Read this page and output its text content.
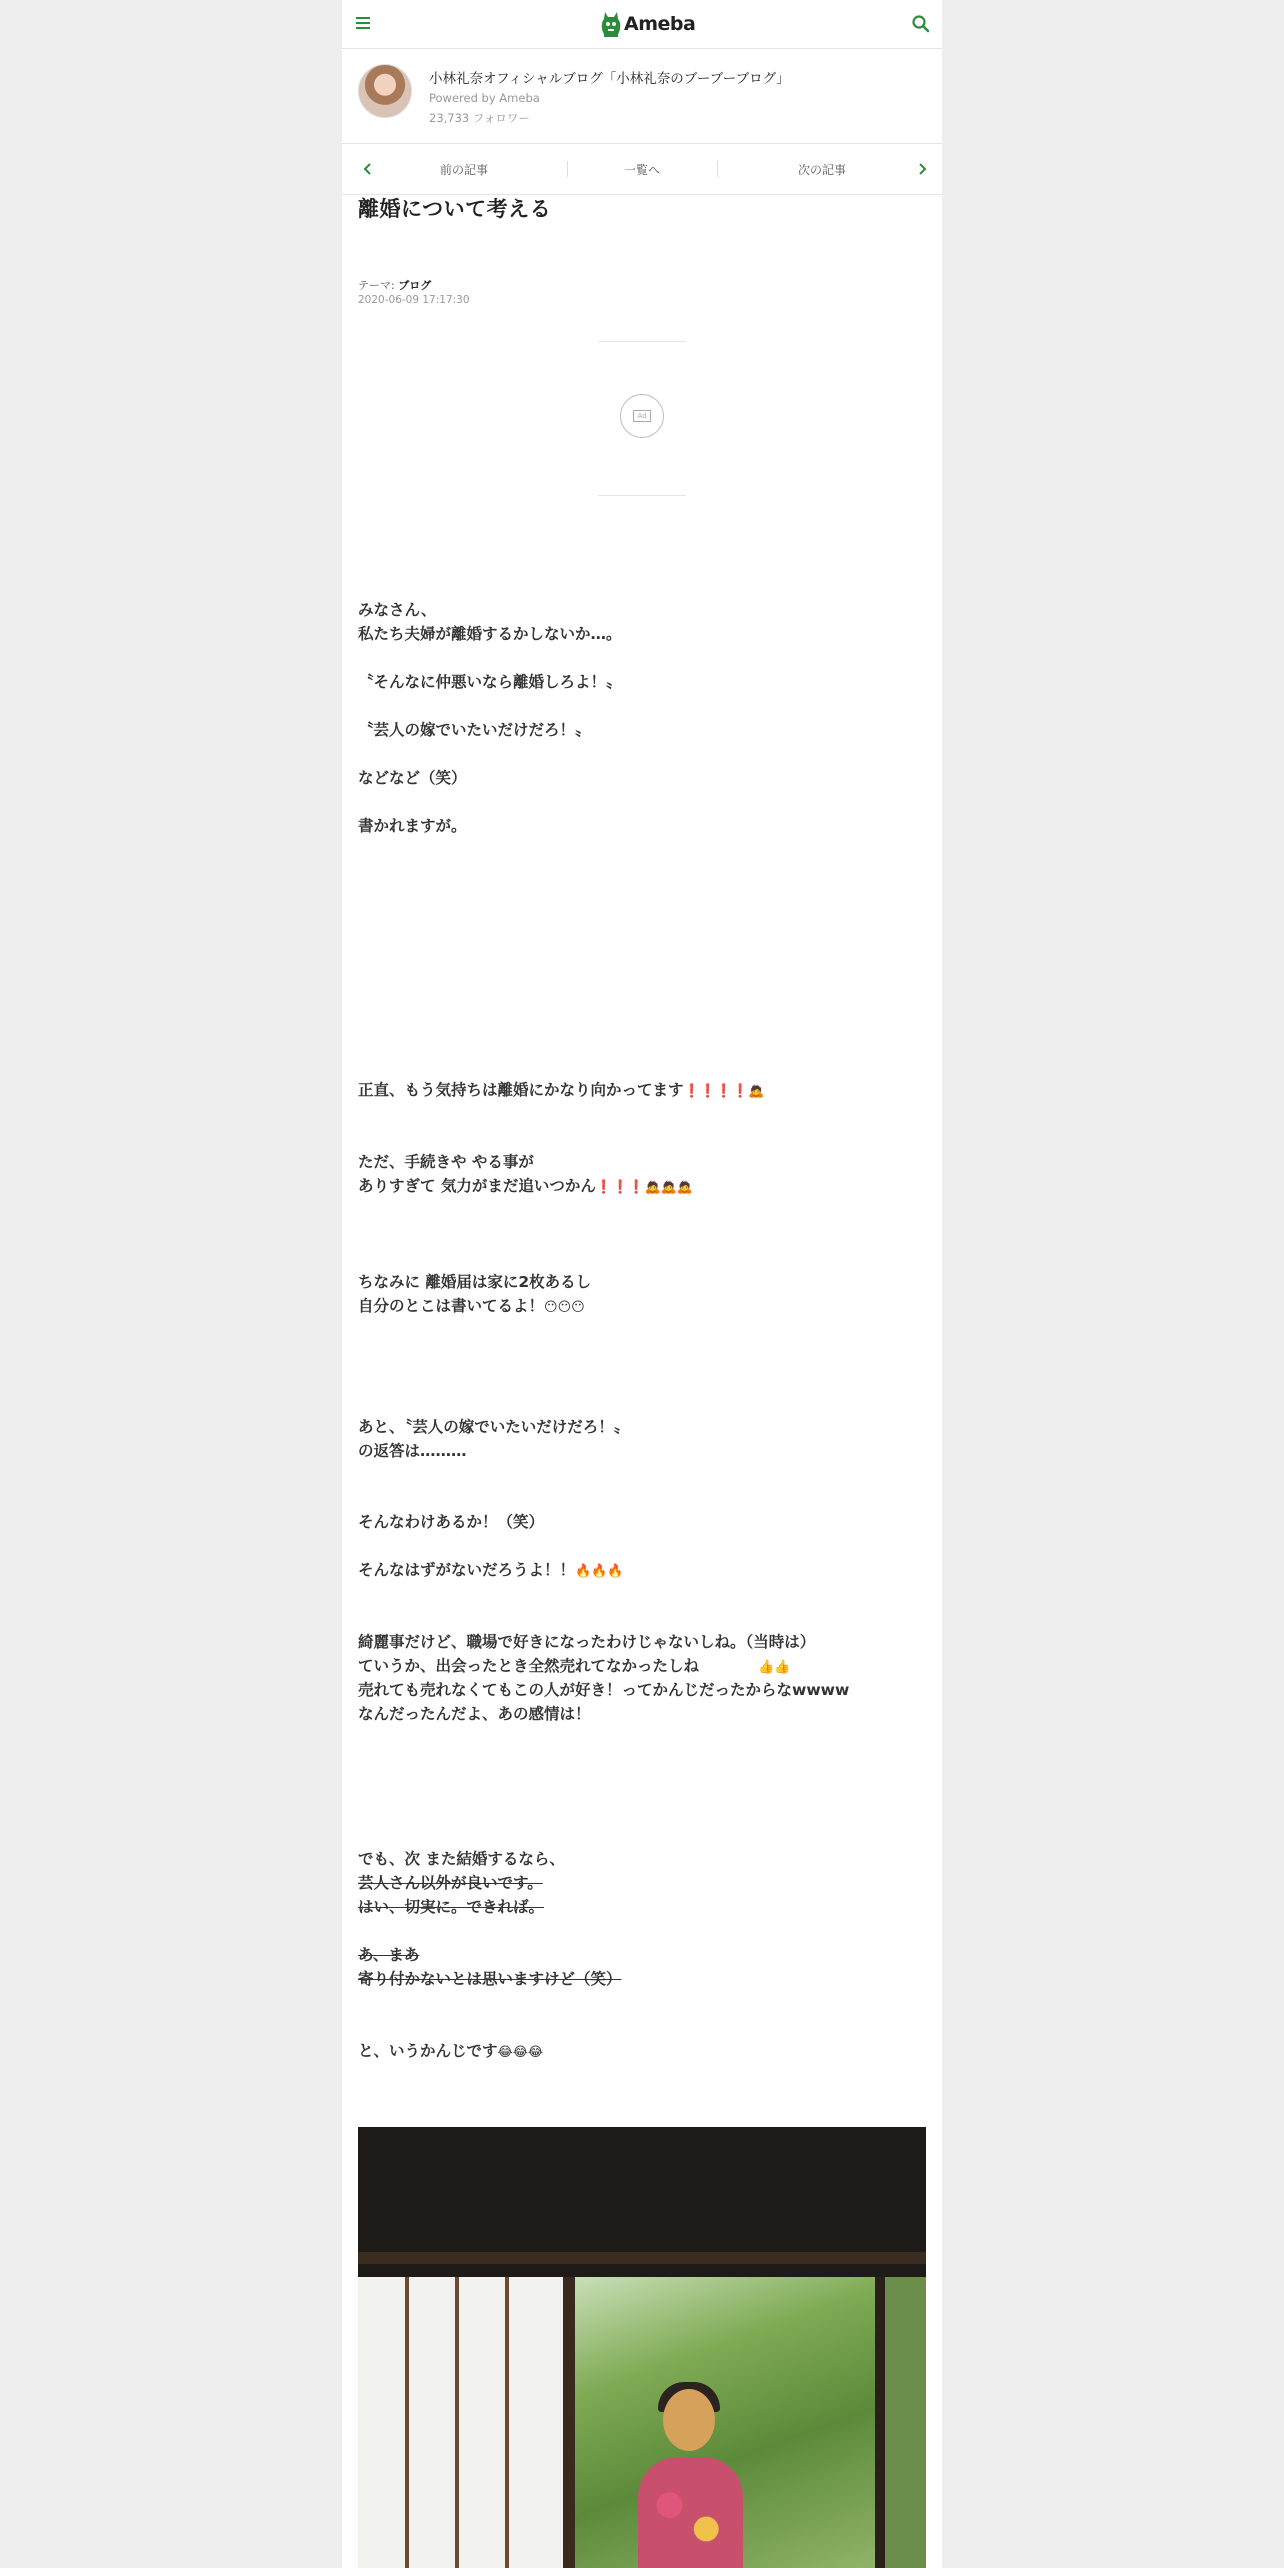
Ameba
小林礼奈オフィシャルブログ「小林礼奈のブーブーブログ」
Powered by Ameba
23,733 フォロワー
前の記事	一覧へ	次の記事
離婚について考える
テーマ: ブログ
2020-06-09 17:17:30
Ad
みなさん、
私たち夫婦が離婚するかしないか…。

〝そんなに仲悪いなら離婚しろよ！〟

〝芸人の嫁でいたいだけだろ！〟

などなど（笑）

書かれますが。
正直、もう気持ちは離婚にかなり向かってます❗❗❗❗🙇
ただ、手続きや やる事が
ありすぎて 気力がまだ追いつかん❗❗❗🙇🙇🙇
ちなみに 離婚届は家に2枚あるし
自分のとこは書いてるよ！😶😶😶
あと、〝芸人の嫁でいたいだけだろ！〟
の返答は………
そんなわけあるか！（笑）

そんなはずがないだろうよ！！🔥🔥🔥
綺麗事だけど、職場で好きになったわけじゃないしね。（当時は）
ていうか、出会ったとき全然売れてなかったしね
売れても売れなくてもこの人が好き！ってかんじだったからなwwww
なんだったんだよ、あの感情は！
👍👍
でも、次 また結婚するなら、
芸人さん以外が良いです。
はい、切実に。できれば。
あ、まあ
寄り付かないとは思いますけど（笑）
と、いうかんじです😂😂😂
